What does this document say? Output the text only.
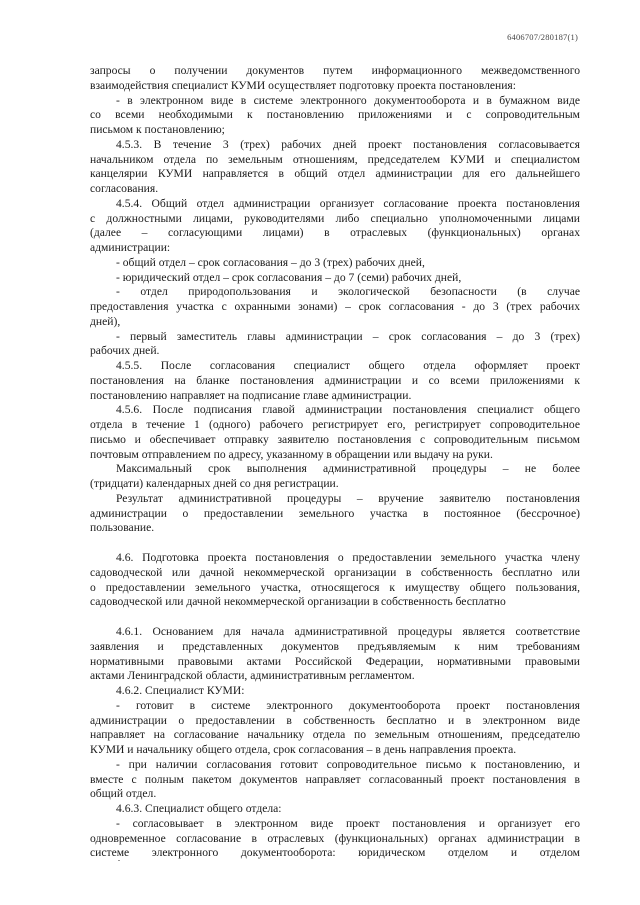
6406707/280187(1)
запросы о получении документов путем информационного межведомственного
взаимодействия специалист КУМИ осуществляет подготовку проекта постановления:
- в электронном виде в системе электронного документооборота и в бумажном виде
со всеми необходимыми к постановлению приложениями и с сопроводительным
письмом к постановлению;
4.5.3. В течение 3 (трех) рабочих дней проект постановления согласовывается
начальником отдела по земельным отношениям, председателем КУМИ и специалистом
канцелярии КУМИ направляется в общий отдел администрации для его дальнейшего
согласования.
4.5.4. Общий отдел администрации организует согласование проекта постановления
с должностными лицами, руководителями либо специально уполномоченными лицами
(далее – согласующими лицами) в отраслевых (функциональных) органах
администрации:
- общий отдел – срок согласования – до 3 (трех) рабочих дней,
- юридический отдел – срок согласования – до 7 (семи) рабочих дней,
- отдел природопользования и экологической безопасности (в случае
предоставления участка с охранными зонами) – срок согласования - до 3 (трех рабочих
дней),
- первый заместитель главы администрации – срок согласования – до 3 (трех)
рабочих дней.
4.5.5. После согласования специалист общего отдела оформляет проект
постановления на бланке постановления администрации и со всеми приложениями к
постановлению направляет на подписание главе администрации.
4.5.6. После подписания главой администрации постановления специалист общего
отдела в течение 1 (одного) рабочего регистрирует его, регистрирует сопроводительное
письмо и обеспечивает отправку заявителю постановления с сопроводительным письмом
почтовым отправлением по адресу, указанному в обращении или выдачу на руки.
Максимальный срок выполнения административной процедуры – не более
(тридцати) календарных дней со дня регистрации.
Результат административной процедуры – вручение заявителю постановления
администрации о предоставлении земельного участка в постоянное (бессрочное)
пользование.
4.6. Подготовка проекта постановления о предоставлении земельного участка члену
садоводческой или дачной некоммерческой организации в собственность бесплатно или
о предоставлении земельного участка, относящегося к имуществу общего пользования,
садоводческой или дачной некоммерческой организации в собственность бесплатно
4.6.1. Основанием для начала административной процедуры является соответствие
заявления и представленных документов предъявляемым к ним требованиям
нормативными правовыми актами Российской Федерации, нормативными правовыми
актами Ленинградской области, административным регламентом.
4.6.2. Специалист КУМИ:
- готовит в системе электронного документооборота проект постановления
администрации о предоставлении в собственность бесплатно и в электронном виде
направляет на согласование начальнику отдела по земельным отношениям, председателю
КУМИ и начальнику общего отдела, срок согласования – в день направления проекта.
- при наличии согласования готовит сопроводительное письмо к постановлению, и
вместе с полным пакетом документов направляет согласованный проект постановления в
общий отдел.
4.6.3. Специалист общего отдела:
- согласовывает в электронном виде проект постановления и организует его
одновременное согласование в отраслевых (функциональных) органах администрации в
системе электронного документооборота: юридическом отделом и отделом
